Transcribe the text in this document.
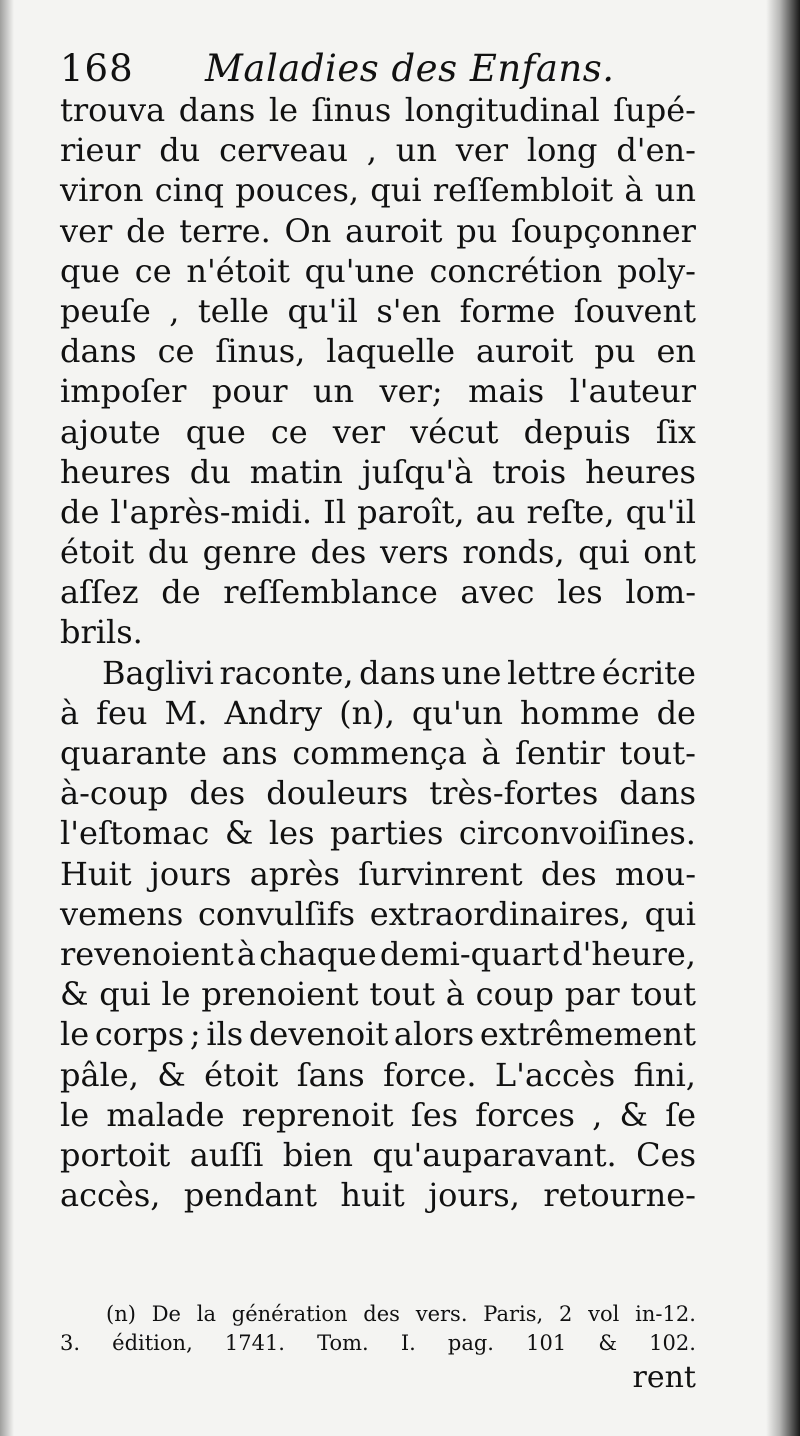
168 Maladies des Enfans.
trouva dans le ſinus longitudinal ſupé-
rieur du cerveau , un ver long d'en-
viron cinq pouces, qui reſſembloit à un
ver de terre. On auroit pu ſoupçonner
que ce n'étoit qu'une concrétion poly-
peuſe , telle qu'il s'en forme ſouvent
dans ce ſinus, laquelle auroit pu en
impoſer pour un ver; mais l'auteur
ajoute que ce ver vécut depuis ſix
heures du matin juſqu'à trois heures
de l'après-midi. Il paroît, au reſte, qu'il
étoit du genre des vers ronds, qui ont
aſſez de reſſemblance avec les lom-
brils.
Baglivi raconte, dans une lettre écrite
à feu M. Andry (n), qu'un homme de
quarante ans commença à ſentir tout-
à-coup des douleurs très-fortes dans
l'eſtomac & les parties circonvoiſines.
Huit jours après ſurvinrent des mou-
vemens convulſifs extraordinaires, qui
revenoient à chaque demi-quart d'heure,
& qui le prenoient tout à coup par tout
le corps ; ils devenoit alors extrêmement
pâle, & étoit ſans force. L'accès fini,
le malade reprenoit ſes forces , & ſe
portoit auſſi bien qu'auparavant. Ces
accès, pendant huit jours, retourne-
(n) De la génération des vers. Paris, 2 vol in-12.
3. édition, 1741. Tom. I. pag. 101 & 102.
rent
